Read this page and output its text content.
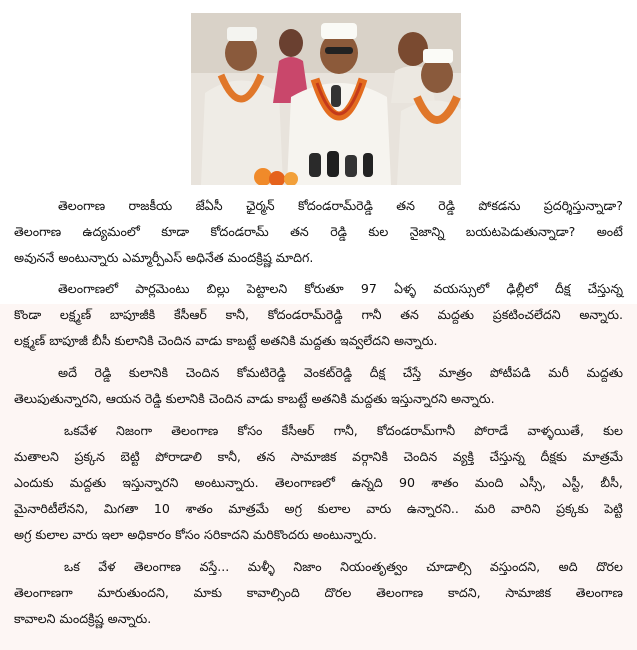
తెలంగాణ రాజకీయ జేఏసీ ఛైర్మన్ కోదండరామ్‌రెడ్డి తన రెడ్డి పోకడను ప్రదర్శిస్తున్నాడా?
తెలంగాణ ఉద్యమంలో కూడా కోదండరామ్ తన రెడ్డి కుల నైజాన్ని బయటపెడుతున్నాడా? అంటే
అవుననే అంటున్నారు ఎమ్మార్పీఎస్ అధినేత మందక్రిష్ణ మాదిగ.
తెలంగాణలో పార్లమెంటు బిల్లు పెట్టాలని కోరుతూ 97 ఏళ్ళ వయస్సులో ఢిల్లీలో దీక్ష చేస్తున్న
కొండా లక్ష్మణ్ బాపూజీకి కేసీఆర్ కానీ, కోదండరామ్‌రెడ్డి గానీ తన మద్దతు ప్రకటించలేదని అన్నారు.
లక్ష్మణ్ బాపూజీ బీసీ కులానికి చెందిన వాడు కాబట్టే అతనికి మద్దతు ఇవ్వలేదని అన్నారు.
అదే రెడ్డి కులానికి చెందిన కోమటిరెడ్డి వెంకట్‌రెడ్డి దీక్ష చేస్తే మాత్రం పోటీపడి మరీ మద్దతు
తెలుపుతున్నారని, ఆయన రెడ్డి కులానికి చెందిన వాడు కాబట్టే అతనికి మద్దతు ఇస్తున్నారని అన్నారు.
ఒకవేళ నిజంగా తెలంగాణ కోసం కేసీఆర్ గానీ, కోదండరామ్‌గానీ పోరాడే వాళ్ళయితే, కుల
మతాలని ప్రక్కన బెట్టి పోరాడాలి కానీ, తన సామాజిక వర్గానికి చెందిన వ్యక్తి చేస్తున్న దీక్షకు మాత్రమే
ఎందుకు మద్దతు ఇస్తున్నారని అంటున్నారు. తెలంగాణలో ఉన్నది 90 శాతం మంది ఎస్సీ, ఎస్టీ, బీసీ,
మైనారిటీలేనని, మిగతా 10 శాతం మాత్రమే అగ్ర కులాల వారు ఉన్నారని.. మరి వారిని ప్రక్కకు పెట్టి
అగ్ర కులాల వారు ఇలా అధికారం కోసం సరికాదని మరికొందరు అంటున్నారు.
ఒక వేళ తెలంగాణ వస్తే... మళ్ళీ నిజాం నియంతృత్వం చూడాల్సి వస్తుందని, అది దొరల
తెలంగాణగా మారుతుందని, మాకు కావాల్సింది దొరల తెలంగాణ కాదని, సామాజిక తెలంగాణ
కావాలని మందక్రిష్ణ అన్నారు.
